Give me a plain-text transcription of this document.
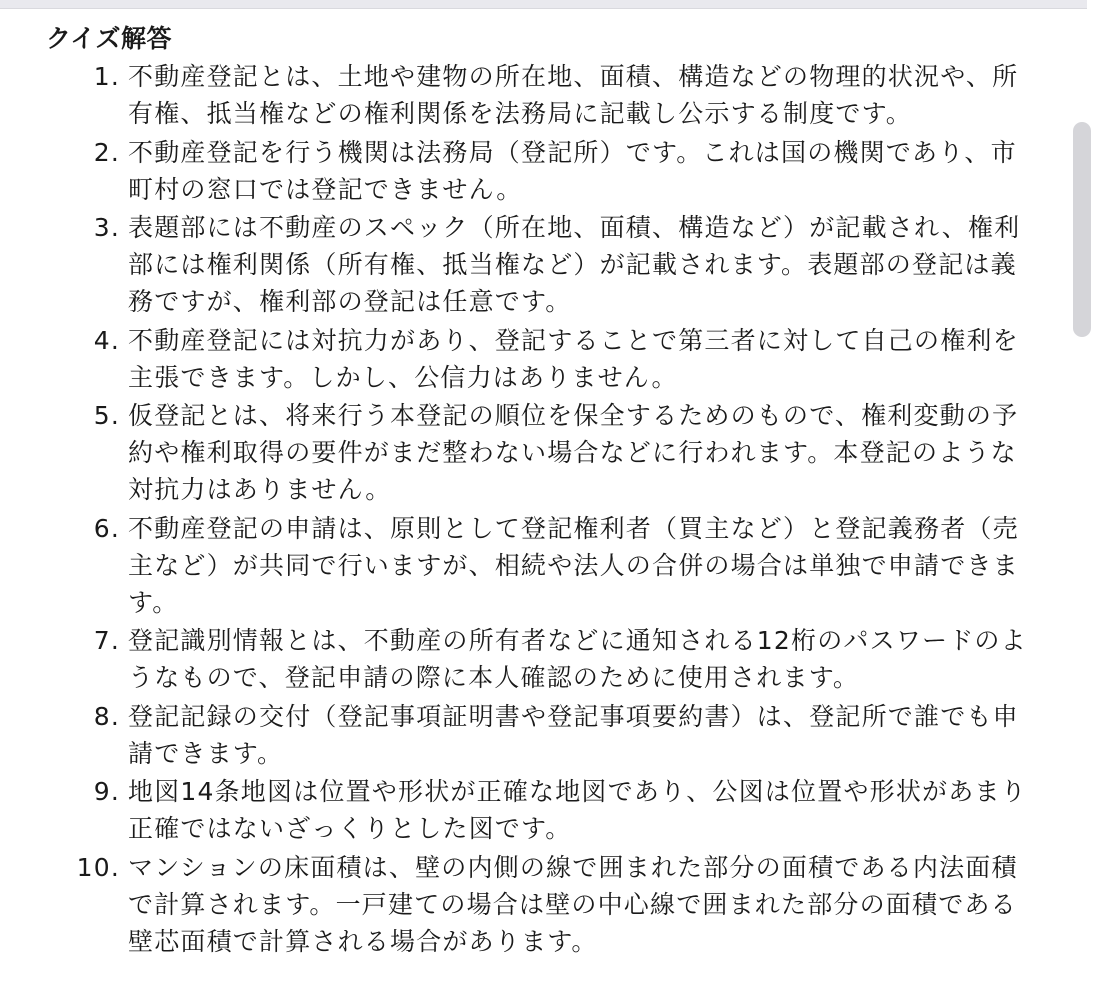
クイズ解答
1. 不動産登記とは、土地や建物の所在地、面積、構造などの物理的状況や、所有権、抵当権などの権利関係を法務局に記載し公示する制度です。
2. 不動産登記を行う機関は法務局（登記所）です。これは国の機関であり、市町村の窓口では登記できません。
3. 表題部には不動産のスペック（所在地、面積、構造など）が記載され、権利部には権利関係（所有権、抵当権など）が記載されます。表題部の登記は義務ですが、権利部の登記は任意です。
4. 不動産登記には対抗力があり、登記することで第三者に対して自己の権利を主張できます。しかし、公信力はありません。
5. 仮登記とは、将来行う本登記の順位を保全するためのもので、権利変動の予約や権利取得の要件がまだ整わない場合などに行われます。本登記のような対抗力はありません。
6. 不動産登記の申請は、原則として登記権利者（買主など）と登記義務者（売主など）が共同で行いますが、相続や法人の合併の場合は単独で申請できます。
7. 登記識別情報とは、不動産の所有者などに通知される12桁のパスワードのようなもので、登記申請の際に本人確認のために使用されます。
8. 登記記録の交付（登記事項証明書や登記事項要約書）は、登記所で誰でも申請できます。
9. 地図14条地図は位置や形状が正確な地図であり、公図は位置や形状があまり正確ではないざっくりとした図です。
10. マンションの床面積は、壁の内側の線で囲まれた部分の面積である内法面積で計算されます。一戸建ての場合は壁の中心線で囲まれた部分の面積である壁芯面積で計算される場合があります。
